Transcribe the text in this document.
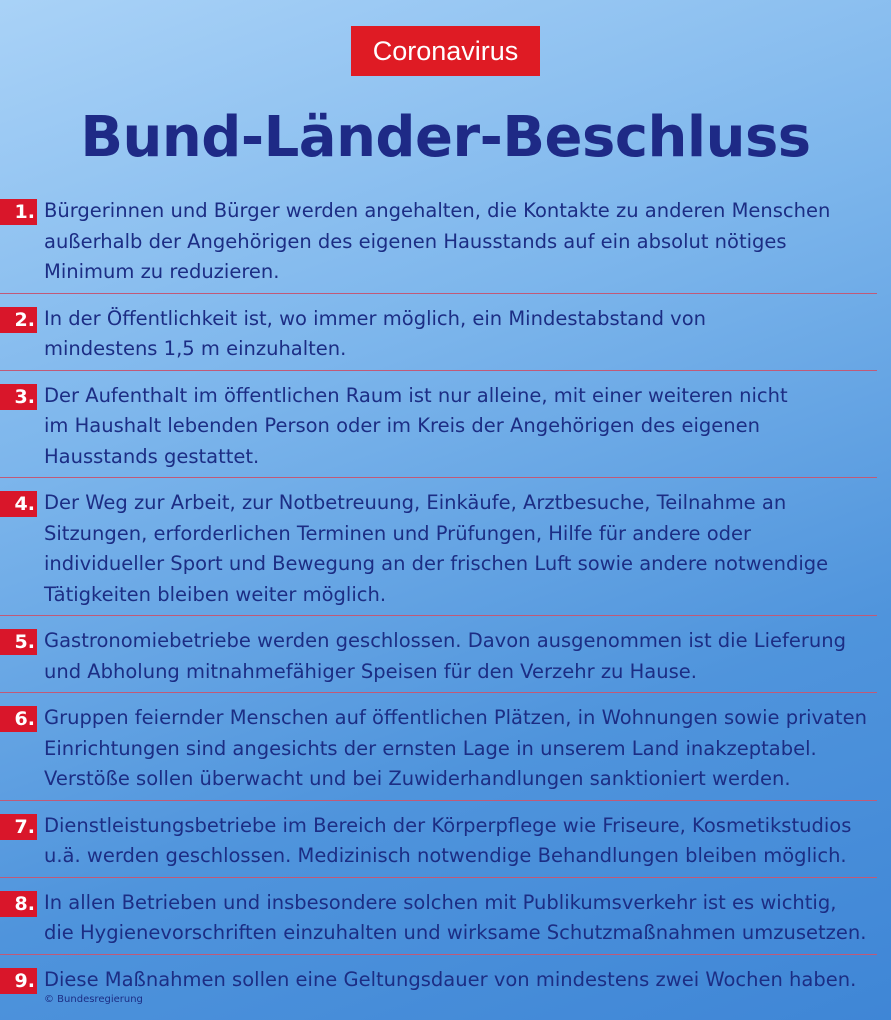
Coronavirus
Bund-Länder-Beschluss
1. Bürgerinnen und Bürger werden angehalten, die Kontakte zu anderen Menschen
außerhalb der Angehörigen des eigenen Hausstands auf ein absolut nötiges
Minimum zu reduzieren.
2. In der Öffentlichkeit ist, wo immer möglich, ein Mindestabstand von
mindestens 1,5 m einzuhalten.
3. Der Aufenthalt im öffentlichen Raum ist nur alleine, mit einer weiteren nicht
im Haushalt lebenden Person oder im Kreis der Angehörigen des eigenen
Hausstands gestattet.
4. Der Weg zur Arbeit, zur Notbetreuung, Einkäufe, Arztbesuche, Teilnahme an
Sitzungen, erforderlichen Terminen und Prüfungen, Hilfe für andere oder
individueller Sport und Bewegung an der frischen Luft sowie andere notwendige
Tätigkeiten bleiben weiter möglich.
5. Gastronomiebetriebe werden geschlossen. Davon ausgenommen ist die Lieferung
und Abholung mitnahmefähiger Speisen für den Verzehr zu Hause.
6. Gruppen feiernder Menschen auf öffentlichen Plätzen, in Wohnungen sowie privaten
Einrichtungen sind angesichts der ernsten Lage in unserem Land inakzeptabel.
Verstöße sollen überwacht und bei Zuwiderhandlungen sanktioniert werden.
7. Dienstleistungsbetriebe im Bereich der Körperpflege wie Friseure, Kosmetikstudios
u.ä. werden geschlossen. Medizinisch notwendige Behandlungen bleiben möglich.
8. In allen Betrieben und insbesondere solchen mit Publikumsverkehr ist es wichtig,
die Hygienevorschriften einzuhalten und wirksame Schutzmaßnahmen umzusetzen.
9. Diese Maßnahmen sollen eine Geltungsdauer von mindestens zwei Wochen haben.
© Bundesregierung
